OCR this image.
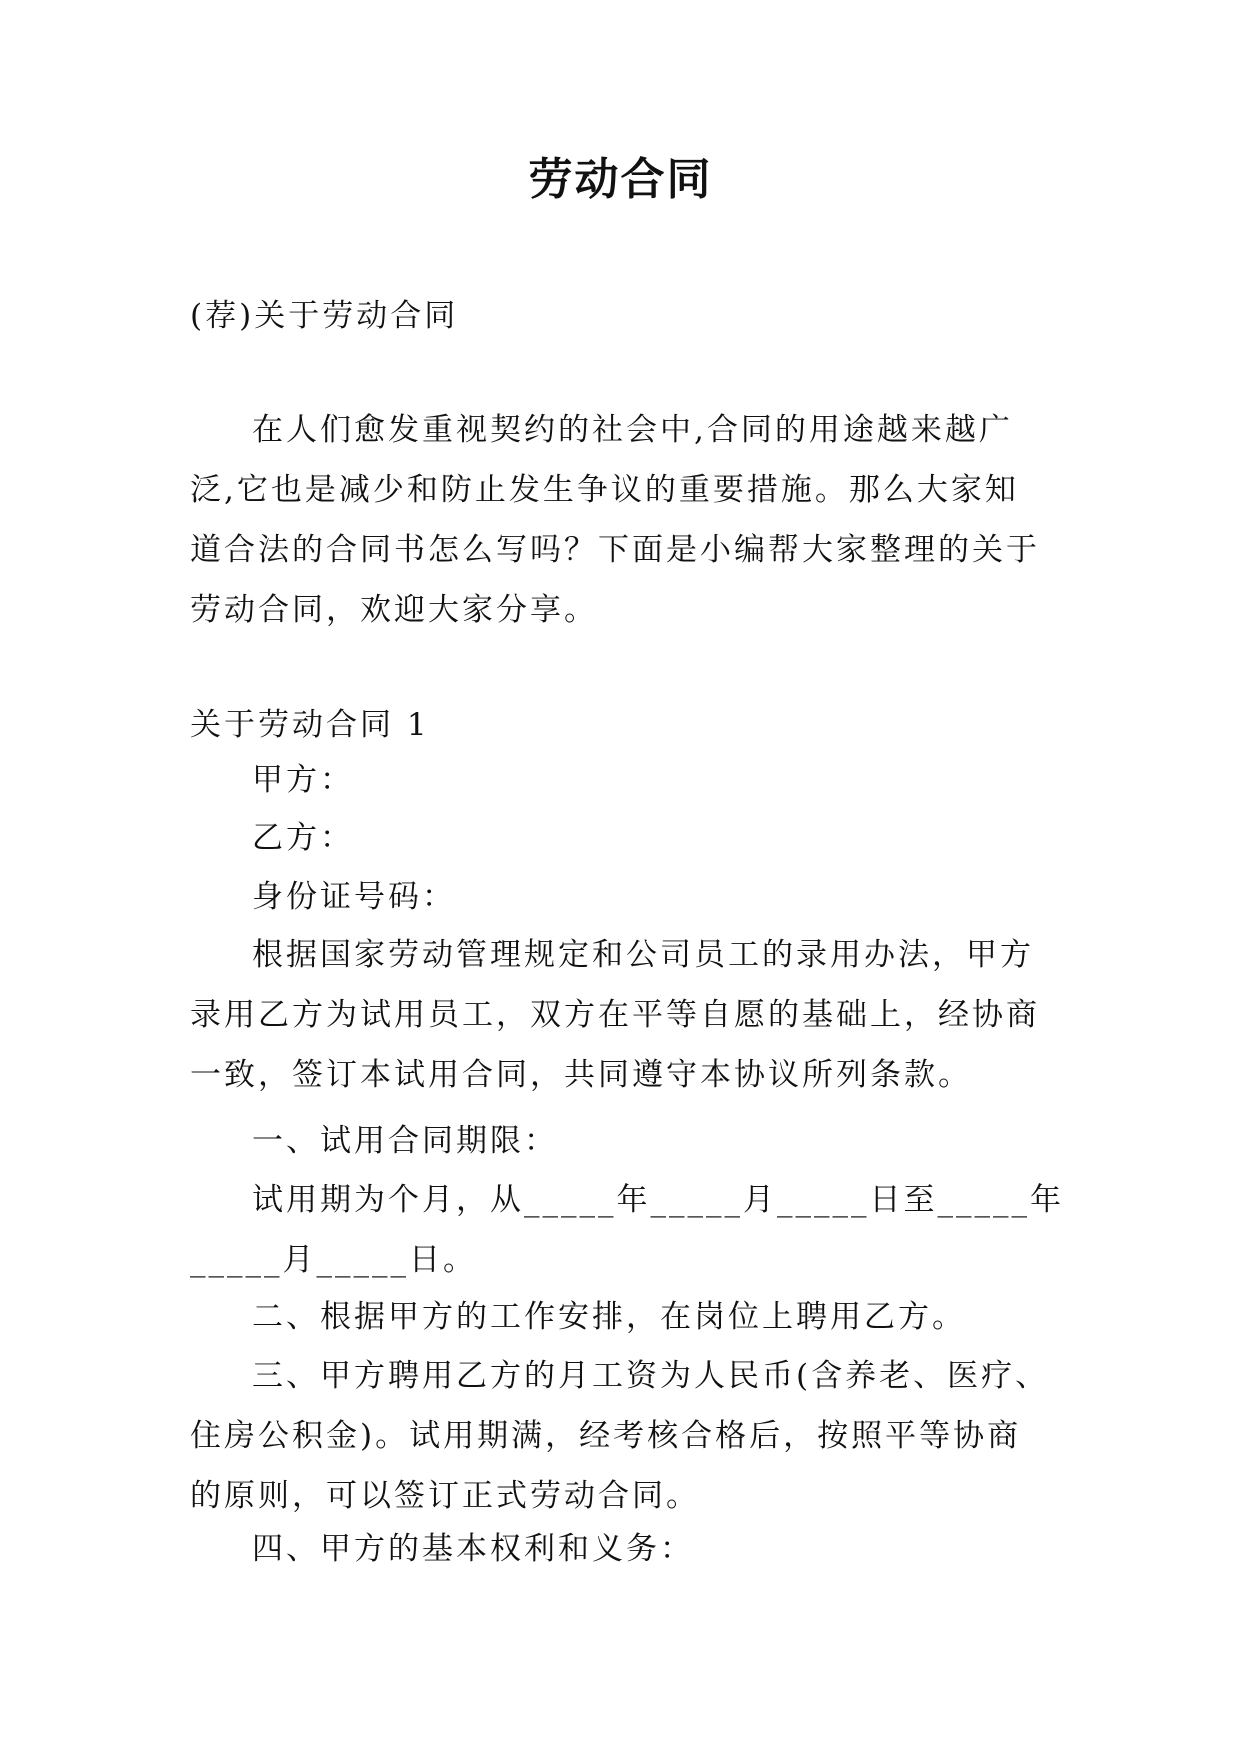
劳动合同

(荐)关于劳动合同

在人们愈发重视契约的社会中,合同的用途越来越广泛,它也是减少和防止发生争议的重要措施。那么大家知道合法的合同书怎么写吗？下面是小编帮大家整理的关于劳动合同，欢迎大家分享。

关于劳动合同 1

甲方：

乙方：

身份证号码：

根据国家劳动管理规定和公司员工的录用办法，甲方录用乙方为试用员工，双方在平等自愿的基础上，经协商一致，签订本试用合同，共同遵守本协议所列条款。

一、试用合同期限：

试用期为个月，从_____年_____月_____日至_____年
_____月_____日。

二、根据甲方的工作安排，在岗位上聘用乙方。

三、甲方聘用乙方的月工资为人民币(含养老、医疗、住房公积金)。试用期满，经考核合格后，按照平等协商的原则，可以签订正式劳动合同。

四、甲方的基本权利和义务：
